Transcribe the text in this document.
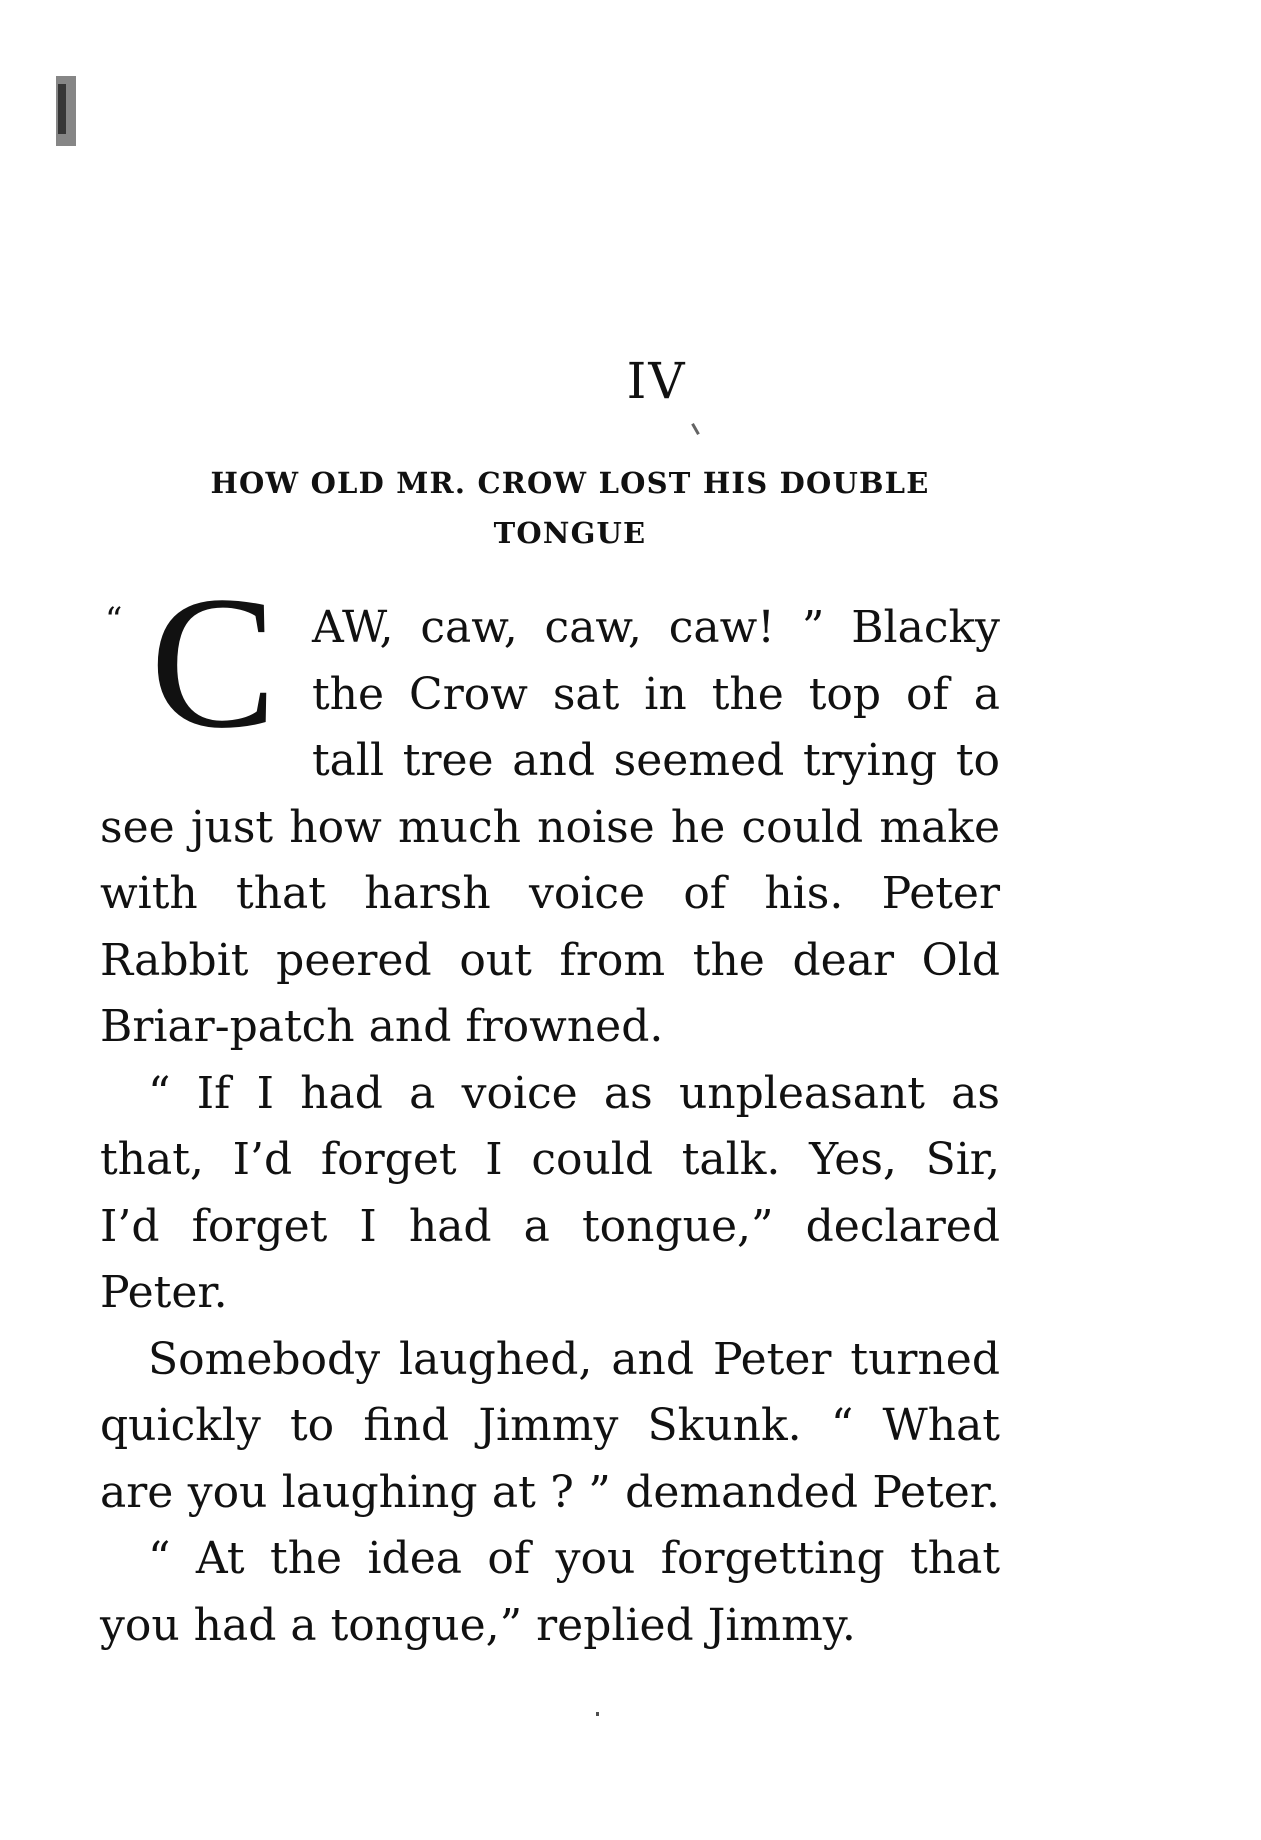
IV
HOW OLD MR. CROW LOST HIS DOUBLE
TONGUE
“ C AW, caw, caw, caw! ” Blacky
the Crow sat in the top of a
tall tree and seemed trying to
see just how much noise he could make
with that harsh voice of his. Peter
Rabbit peered out from the dear Old
Briar-patch and frowned.
“ If I had a voice as unpleasant as
that, I’d forget I could talk. Yes, Sir,
I’d forget I had a tongue,” declared
Peter.
Somebody laughed, and Peter turned
quickly to find Jimmy Skunk. “ What
are you laughing at ? ” demanded Peter.
“ At the idea of you forgetting that
you had a tongue,” replied Jimmy.
